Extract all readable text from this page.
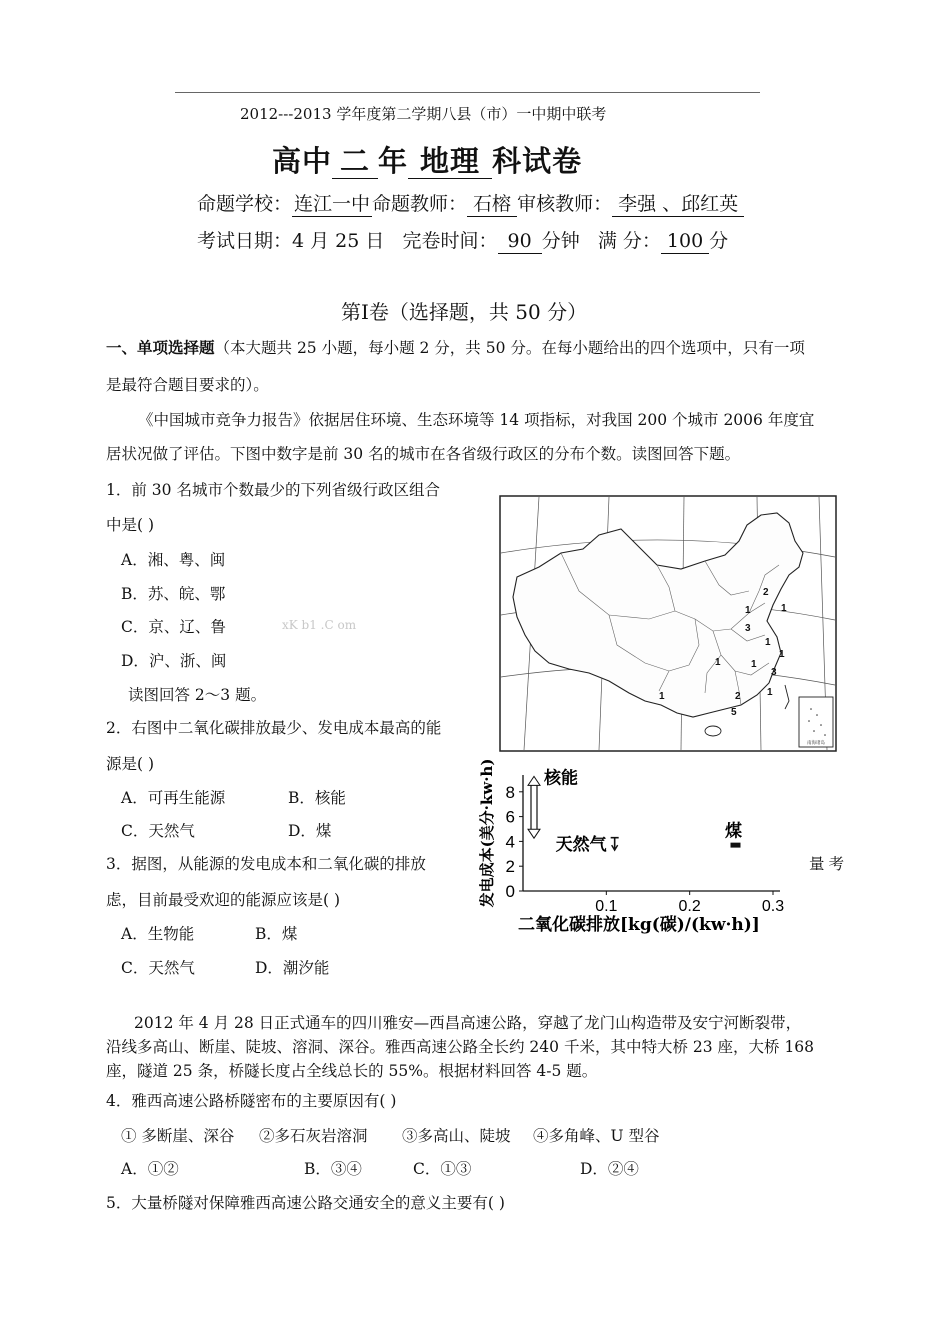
2012---2013 学年度第二学期八县（市）一中期中联考
高中 二 年 地理 科试卷
命题学校： 连江一中 命题教师： 石榕 审核教师： 李强 、邱红英
考试日期：4 月 25 日 完卷时间： 90 分钟 满 分： 100 分
第Ⅰ卷（选择题，共 50 分）
一、单项选择题（本大题共 25 小题，每小题 2 分，共 50 分。在每小题给出的四个选项中，只有一项
是最符合题目要求的）。
《中国城市竞争力报告》依据居住环境、生态环境等 14 项指标，对我国 200 个城市 2006 年度宜
居状况做了评估。下图中数字是前 30 名的城市在各省级行政区的分布个数。读图回答下题。
1．前 30 名城市个数最少的下列省级行政区组合
中是( )
A．湘、粤、闽
B．苏、皖、鄂
C．京、辽、鲁	xK b1 .C om
D．沪、浙、闽
读图回答 2～3 题。
2．右图中二氧化碳排放最少、发电成本最高的能
源是( )
A．可再生能源	B．核能
C．天然气	D．煤
3．据图，从能源的发电成本和二氧化碳的排放	量考
虑，目前最受欢迎的能源应该是( )
A．生物能	B．煤
C．天然气	D．潮汐能
2012 年 4 月 28 日正式通车的四川雅安—西昌高速公路，穿越了龙门山构造带及安宁河断裂带，
沿线多高山、断崖、陡坡、溶洞、深谷。雅西高速公路全长约 240 千米，其中特大桥 23 座，大桥 168
座，隧道 25 条，桥隧长度占全线总长的 55%。根据材料回答 4-5 题。
4．雅西高速公路桥隧密布的主要原因有( )
① 多断崖、深谷 ②多石灰岩溶洞 ③多高山、陡坡 ④多角峰、U 型谷
A．①②	B．③④	C．①③	D．②④
5．大量桥隧对保障雅西高速公路交通安全的意义主要有( )
2
1
1
3
1
1
1	1
3
5
1	1
2
南海诸岛
发电成本(美分·kw·h)
二氧化碳排放[kg(碳)/(kw·h)]
0
2
4
6
8
0.1	0.2	0.3
核能
天然气
煤
